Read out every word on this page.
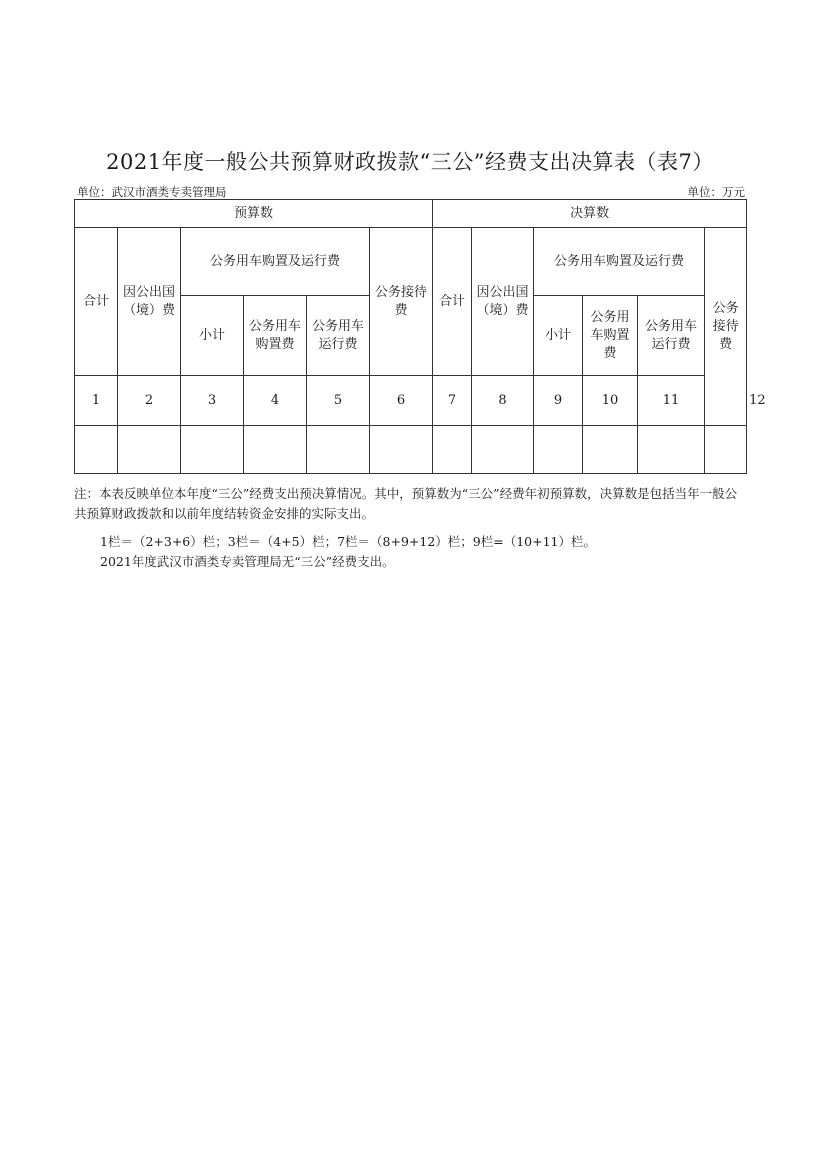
2021年度一般公共预算财政拨款“三公”经费支出决算表（表7）
单位：武汉市酒类专卖管理局	单位：万元
预算数						决算数						
合计	因公出国（境）费	公务用车购置及运行费			公务接待费	合计	因公出国（境）费	公务用车购置及运行费			公务接待费	
		小计	公务用车购置费	公务用车运行费				小计	公务用车购置费	公务用车运行费		
1	2	3	4	5	6	7	8	9	10	11		12

注：本表反映单位本年度“三公”经费支出预决算情况。其中，预算数为“三公”经费年初预算数，决算数是包括当年一般公共预算财政拨款和以前年度结转资金安排的实际支出。

1栏＝（2+3+6）栏；3栏＝（4+5）栏；7栏＝（8+9+12）栏；9栏=（10+11）栏。

2021年度武汉市酒类专卖管理局无“三公”经费支出。
